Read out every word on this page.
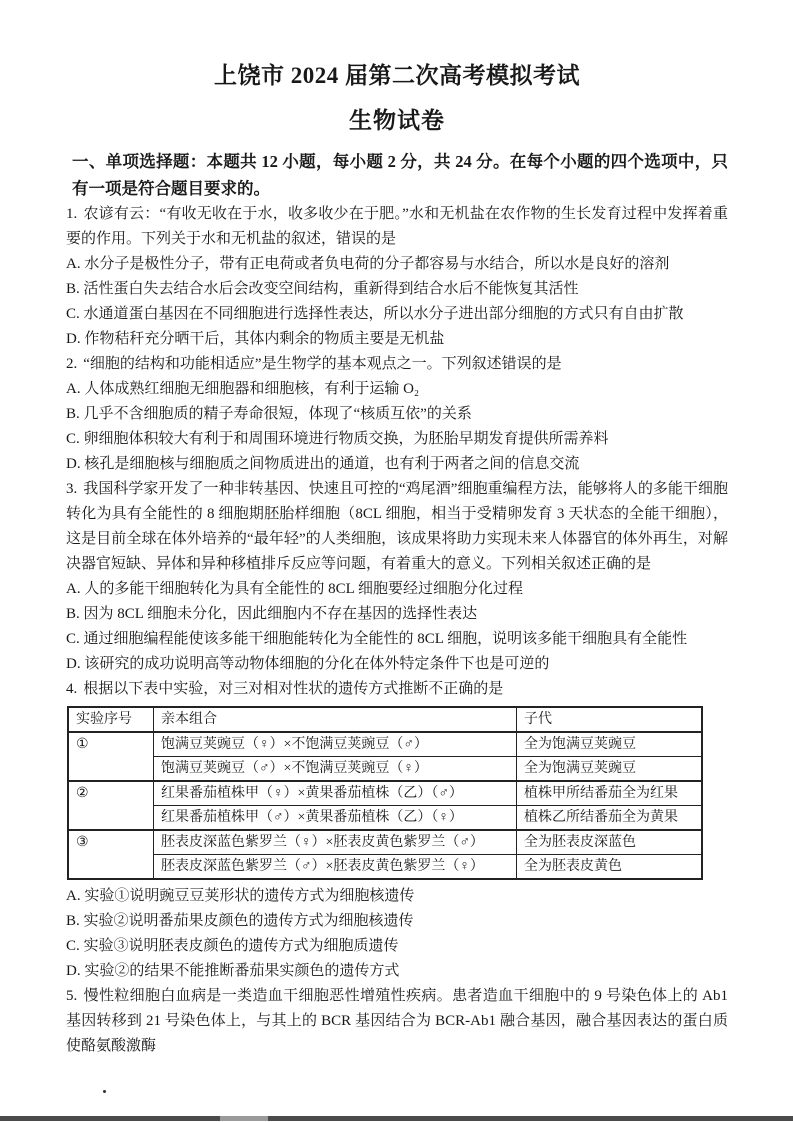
上饶市 2024 届第二次高考模拟考试
生物试卷

一、单项选择题：本题共 12 小题，每小题 2 分，共 24 分。在每个小题的四个选项中，只有一项是符合题目要求的。

1. 农谚有云：“有收无收在于水，收多收少在于肥。”水和无机盐在农作物的生长发育过程中发挥着重要的作用。下列关于水和无机盐的叙述，错误的是

A. 水分子是极性分子，带有正电荷或者负电荷的分子都容易与水结合，所以水是良好的溶剂

B. 活性蛋白失去结合水后会改变空间结构，重新得到结合水后不能恢复其活性

C. 水通道蛋白基因在不同细胞进行选择性表达，所以水分子进出部分细胞的方式只有自由扩散

D. 作物秸秆充分晒干后，其体内剩余的物质主要是无机盐

2. “细胞的结构和功能相适应”是生物学的基本观点之一。下列叙述错误的是

A. 人体成熟红细胞无细胞器和细胞核，有利于运输 O₂

B. 几乎不含细胞质的精子寿命很短，体现了“核质互依”的关系

C. 卵细胞体积较大有利于和周围环境进行物质交换，为胚胎早期发育提供所需养料

D. 核孔是细胞核与细胞质之间物质进出的通道，也有利于两者之间的信息交流

3. 我国科学家开发了一种非转基因、快速且可控的“鸡尾酒”细胞重编程方法，能够将人的多能干细胞转化为具有全能性的 8 细胞期胚胎样细胞（8CL 细胞，相当于受精卵发育 3 天状态的全能干细胞），这是目前全球在体外培养的“最年轻”的人类细胞，该成果将助力实现未来人体器官的体外再生，对解决器官短缺、异体和异种移植排斥反应等问题，有着重大的意义。下列相关叙述正确的是

A. 人的多能干细胞转化为具有全能性的 8CL 细胞要经过细胞分化过程

B. 因为 8CL 细胞未分化，因此细胞内不存在基因的选择性表达

C. 通过细胞编程能使该多能干细胞能转化为全能性的 8CL 细胞，说明该多能干细胞具有全能性

D. 该研究的成功说明高等动物体细胞的分化在体外特定条件下也是可逆的

4. 根据以下表中实验，对三对相对性状的遗传方式推断不正确的是

实验序号	亲本组合	子代
①	饱满豆荚豌豆（♀）×不饱满豆荚豌豆（♂）	全为饱满豆荚豌豆
	饱满豆荚豌豆（♂）×不饱满豆荚豌豆（♀）	全为饱满豆荚豌豆
②	红果番茄植株甲（♀）×黄果番茄植株（乙）（♂）	植株甲所结番茄全为红果
	红果番茄植株甲（♂）×黄果番茄植株（乙）（♀）	植株乙所结番茄全为黄果
③	胚表皮深蓝色紫罗兰（♀）×胚表皮黄色紫罗兰（♂）	全为胚表皮深蓝色
	胚表皮深蓝色紫罗兰（♂）×胚表皮黄色紫罗兰（♀）	全为胚表皮黄色

A. 实验①说明豌豆豆荚形状的遗传方式为细胞核遗传

B. 实验②说明番茄果皮颜色的遗传方式为细胞核遗传

C. 实验③说明胚表皮颜色的遗传方式为细胞质遗传

D. 实验②的结果不能推断番茄果实颜色的遗传方式

5. 慢性粒细胞白血病是一类造血干细胞恶性增殖性疾病。患者造血干细胞中的 9 号染色体上的 Ab1 基因转移到 21 号染色体上，与其上的 BCR 基因结合为 BCR-Ab1 融合基因，融合基因表达的蛋白质使酪氨酸激酶
